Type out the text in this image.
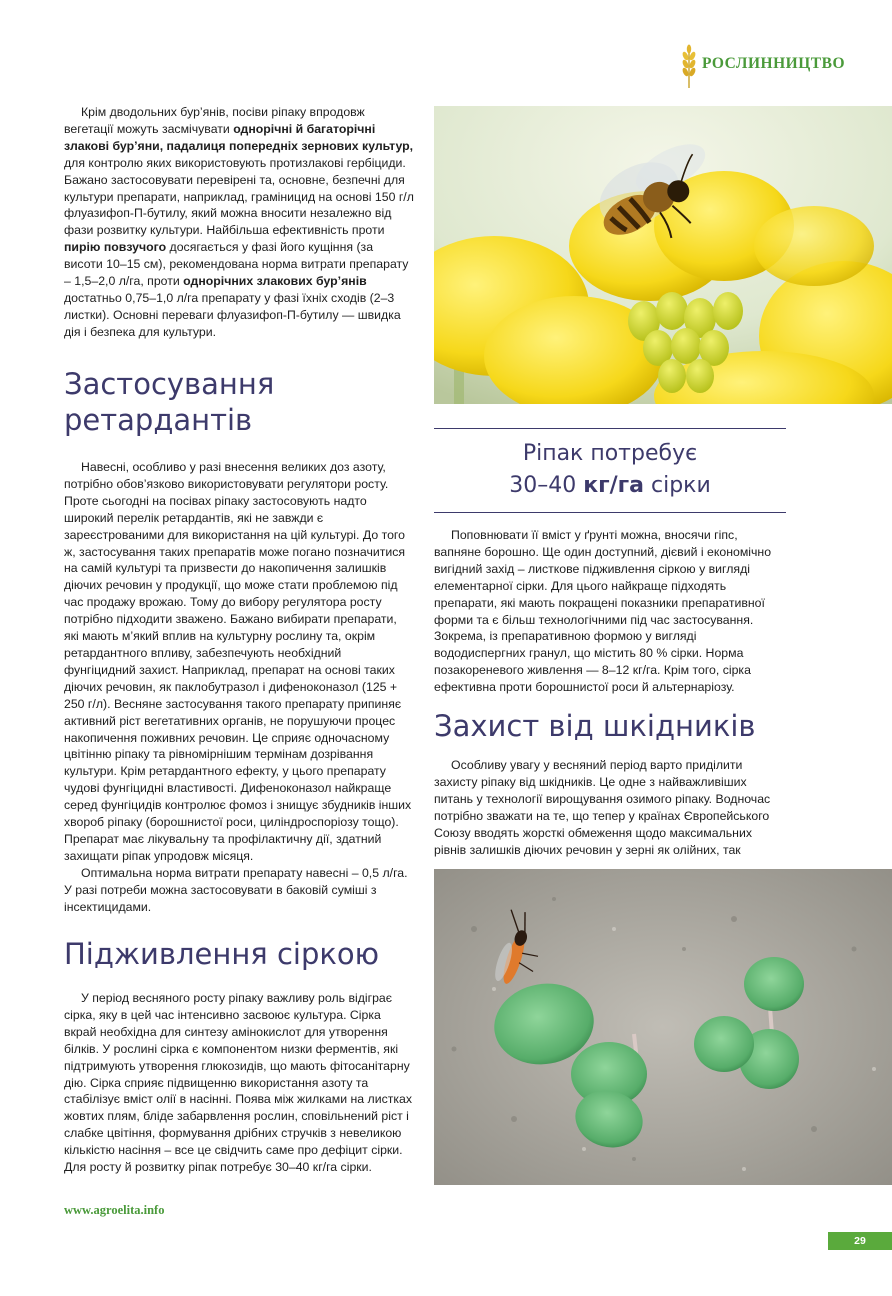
РОСЛИННИЦТВО

Крім дводольних бур’янів, посіви ріпаку впродовж вегетації можуть засмічувати однорічні й багаторічні злакові бур’яни, падалиця попередніх зернових культур, для контролю яких використовують протизлакові гербіциди. Бажано застосовувати перевірені та, основне, безпечні для культури препарати, наприклад, граміницид на основі 150 г/л флуазифоп-П-бутилу, який можна вносити незалежно від фази розвитку культури. Найбільша ефективність проти пирію повзучого досягається у фазі його кущіння (за висоти 10–15 см), рекомендована норма витрати препарату – 1,5–2,0 л/га, проти однорічних злакових бур’янів достатньо 0,75–1,0 л/га препарату у фазі їхніх сходів (2–3 листки). Основні переваги флуазифоп-П-бутилу — швидка дія і безпека для культури.

Застосування ретардантів

Навесні, особливо у разі внесення великих доз азоту, потрібно обов’язково використовувати регулятори росту. Проте сьогодні на посівах ріпаку застосовують надто широкий перелік ретардантів, які не завжди є зареєстрованими для використання на цій культурі. До того ж, застосування таких препаратів може погано позначитися на самій культурі та призвести до накопичення залишків діючих речовин у продукції, що може стати проблемою під час продажу врожаю. Тому до вибору регулятора росту потрібно підходити зважено. Бажано вибирати препарати, які мають м’який вплив на культурну рослину та, окрім ретардантного впливу, забезпечують необхідний фунгіцидний захист. Наприклад, препарат на основі таких діючих речовин, як паклобутразол і дифеноконазол (125 + 250 г/л). Весняне застосування такого препарату припиняє активний ріст вегетативних органів, не порушуючи процес накопичення поживних речовин. Це сприяє одночасному цвітінню ріпаку та рівномірнішим термінам дозрівання культури. Крім ретардантного ефекту, у цього препарату чудові фунгіцидні властивості. Дифеноконазол найкраще серед фунгіцидів контролює фомоз і знищує збудників інших хвороб ріпаку (борошнистої роси, циліндроспоріозу тощо). Препарат має лікувальну та профілактичну дії, здатний захищати ріпак упродовж місяця.

Оптимальна норма витрати препарату навесні – 0,5 л/га. У разі потреби можна застосовувати в баковій суміші з інсектицидами.

Підживлення сіркою

У період весняного росту ріпаку важливу роль відіграє сірка, яку в цей час інтенсивно засвоює культура. Сірка вкрай необхідна для синтезу амінокислот для утворення білків. У рослині сірка є компонентом низки ферментів, які підтримують утворення глюкозидів, що мають фітосанітарну дію. Сірка сприяє підвищенню використання азоту та стабілізує вміст олії в насінні. Поява між жилками на листках жовтих плям, бліде забарвлення рослин, сповільнений ріст і слабке цвітіння, формування дрібних стручків з невеликою кількістю насіння – все це свідчить саме про дефіцит сірки. Для росту й розвитку ріпак потребує 30–40 кг/га сірки.

Ріпак потребує
30–40 кг/га сірки

Поповнювати її вміст у ґрунті можна, вносячи гіпс, вапняне борошно. Ще один доступний, дієвий і економічно вигідний захід – листкове підживлення сіркою у вигляді елементарної сірки. Для цього найкраще підходять препарати, які мають покращені показники препаративної форми та є більш технологічними під час застосування. Зокрема, із препаративною формою у вигляді вододиспергних гранул, що містить 80 % сірки. Норма позакореневого живлення — 8–12 кг/га. Крім того, сірка ефективна проти борошнистої роси й альтернаріозу.

Захист від шкідників

Особливу увагу у весняний період варто приділити захисту ріпаку від шкідників. Це одне з найважливіших питань у технології вирощування озимого ріпаку. Водночас потрібно зважати на те, що тепер у країнах Європейського Союзу вводять жорсткі обмеження щодо максимальних рівнів залишків діючих речовин у зерні як олійних, так

www.agroelita.info
29
